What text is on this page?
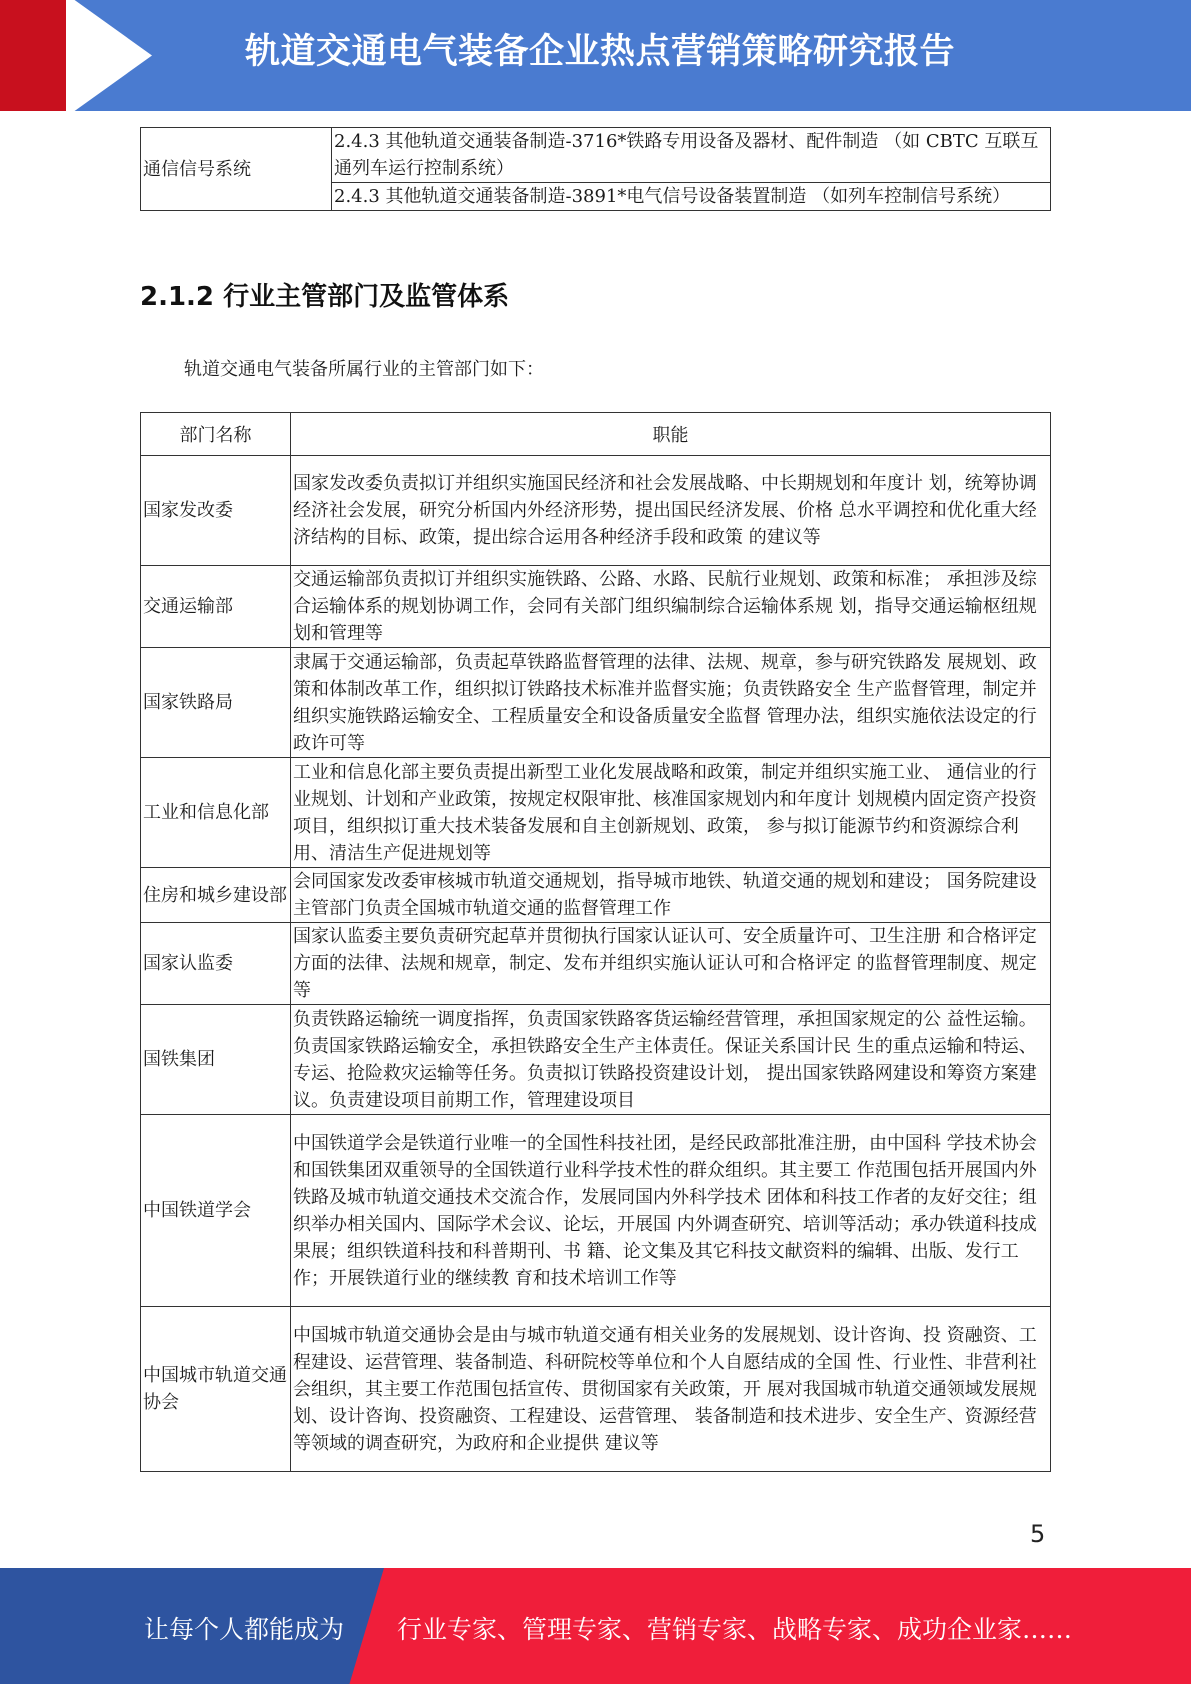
轨道交通电气装备企业热点营销策略研究报告
通信信号系统	2.4.3 其他轨道交通装备制造-3716*铁路专用设备及器材、配件制造 （如 CBTC 互联互通列车运行控制系统）
2.4.3 其他轨道交通装备制造-3891*电气信号设备装置制造 （如列车控制信号系统）
2.1.2 行业主管部门及监管体系
轨道交通电气装备所属行业的主管部门如下：
部门名称	职能
国家发改委	国家发改委负责拟订并组织实施国民经济和社会发展战略、中长期规划和年度计 划，统筹协调经济社会发展，研究分析国内外经济形势，提出国民经济发展、价格 总水平调控和优化重大经济结构的目标、政策，提出综合运用各种经济手段和政策 的建议等
交通运输部	交通运输部负责拟订并组织实施铁路、公路、水路、民航行业规划、政策和标准； 承担涉及综合运输体系的规划协调工作，会同有关部门组织编制综合运输体系规 划，指导交通运输枢纽规划和管理等
国家铁路局	隶属于交通运输部，负责起草铁路监督管理的法律、法规、规章，参与研究铁路发 展规划、政策和体制改革工作，组织拟订铁路技术标准并监督实施；负责铁路安全 生产监督管理，制定并组织实施铁路运输安全、工程质量安全和设备质量安全监督 管理办法，组织实施依法设定的行政许可等
工业和信息化部	工业和信息化部主要负责提出新型工业化发展战略和政策，制定并组织实施工业、 通信业的行业规划、计划和产业政策，按规定权限审批、核准国家规划内和年度计 划规模内固定资产投资项目，组织拟订重大技术装备发展和自主创新规划、政策， 参与拟订能源节约和资源综合利用、清洁生产促进规划等
住房和城乡建设部	会同国家发改委审核城市轨道交通规划，指导城市地铁、轨道交通的规划和建设； 国务院建设主管部门负责全国城市轨道交通的监督管理工作
国家认监委	国家认监委主要负责研究起草并贯彻执行国家认证认可、安全质量许可、卫生注册 和合格评定方面的法律、法规和规章，制定、发布并组织实施认证认可和合格评定 的监督管理制度、规定等
国铁集团	负责铁路运输统一调度指挥，负责国家铁路客货运输经营管理，承担国家规定的公 益性运输。负责国家铁路运输安全，承担铁路安全生产主体责任。保证关系国计民 生的重点运输和特运、专运、抢险救灾运输等任务。负责拟订铁路投资建设计划， 提出国家铁路网建设和筹资方案建议。负责建设项目前期工作，管理建设项目
中国铁道学会	中国铁道学会是铁道行业唯一的全国性科技社团，是经民政部批准注册，由中国科 学技术协会和国铁集团双重领导的全国铁道行业科学技术性的群众组织。其主要工 作范围包括开展国内外铁路及城市轨道交通技术交流合作，发展同国内外科学技术 团体和科技工作者的友好交往；组织举办相关国内、国际学术会议、论坛，开展国 内外调查研究、培训等活动；承办铁道科技成果展；组织铁道科技和科普期刊、书 籍、论文集及其它科技文献资料的编辑、出版、发行工作；开展铁道行业的继续教 育和技术培训工作等
中国城市轨道交通协会	中国城市轨道交通协会是由与城市轨道交通有相关业务的发展规划、设计咨询、投 资融资、工程建设、运营管理、装备制造、科研院校等单位和个人自愿结成的全国 性、行业性、非营利社会组织，其主要工作范围包括宣传、贯彻国家有关政策，开 展对我国城市轨道交通领域发展规划、设计咨询、投资融资、工程建设、运营管理、 装备制造和技术进步、安全生产、资源经营等领域的调查研究，为政府和企业提供 建议等
5
让每个人都能成为 行业专家、管理专家、营销专家、战略专家、成功企业家……
